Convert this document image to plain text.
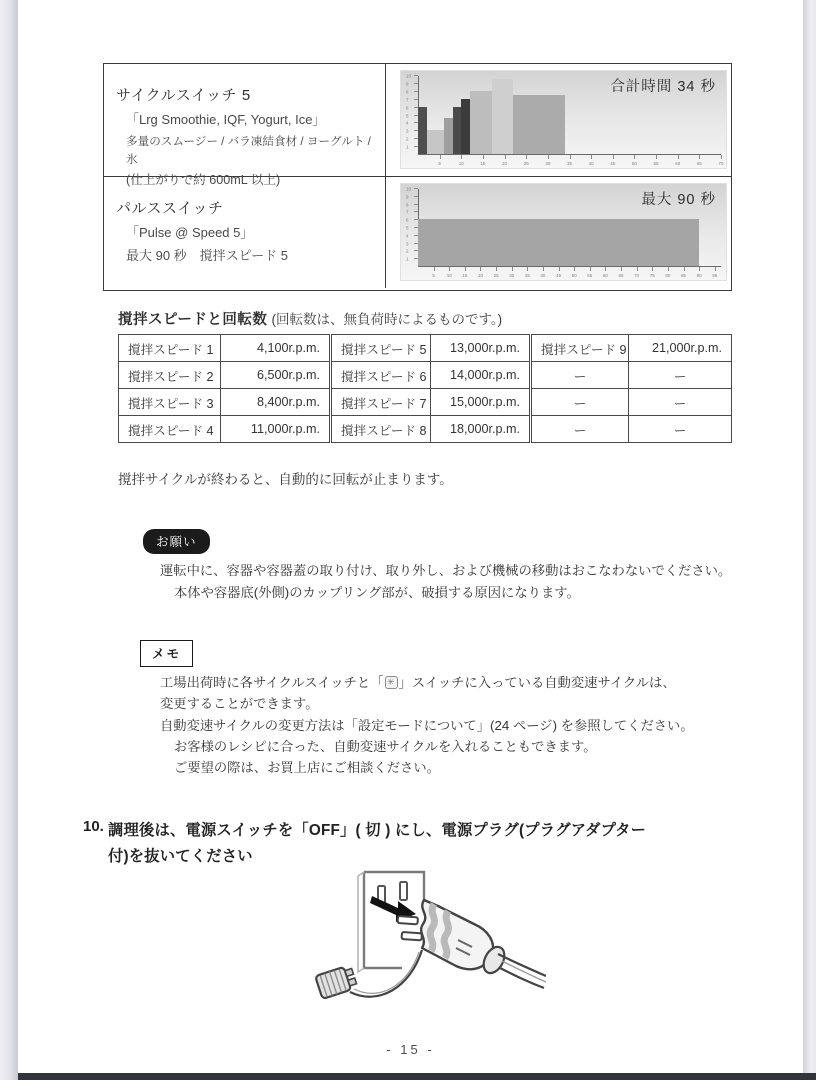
サイクルスイッチ 5
「Lrg Smoothie, IQF, Yogurt, Ice」
多量のスムージー / バラ凍結食材 / ヨーグルト / 氷
(仕上がりで約 600mL 以上)
合計時間 34 秒
1
2
3
4
5
6
7
8
9
10
5	10	15	20	25	30	35	40	45	50	55	60	65	70
パルススイッチ
「Pulse @ Speed 5」
最大 90 秒　撹拌スピード 5
最大 90 秒
1
2
3
4
5
6
7
8
9
10
5	10 15 20 25 30 35 40 45 50 55 60 65 70 75 80 85 90 95
撹拌スピードと回転数 (回転数は、無負荷時によるものです。)
撹拌スピード 1	4,100r.p.m.	撹拌スピード 5	13,000r.p.m.	撹拌スピード 9	21,000r.p.m.
撹拌スピード 2	6,500r.p.m.	撹拌スピード 6	14,000r.p.m.	ー	ー
撹拌スピード 3	8,400r.p.m.	撹拌スピード 7	15,000r.p.m.	ー	ー
撹拌スピード 4	11,000r.p.m.	撹拌スピード 8	18,000r.p.m.	ー	ー
撹拌サイクルが終わると、自動的に回転が止まります。
お願い
運転中に、容器や容器蓋の取り付け、取り外し、および機械の移動はおこなわないでください。
本体や容器底(外側)のカップリング部が、破損する原因になります。
メモ
工場出荷時に各サイクルスイッチと「 ✳ 」スイッチに入っている自動変速サイクルは、
変更することができます。
自動変速サイクルの変更方法は「設定モードについて」(24 ページ) を参照してください。
お客様のレシピに合った、自動変速サイクルを入れることもできます。
ご要望の際は、お買上店にご相談ください。
10. 調理後は、電源スイッチを「OFF」( 切 ) にし、電源プラグ(プラグアダプター
付)を抜いてください
- 15 -
